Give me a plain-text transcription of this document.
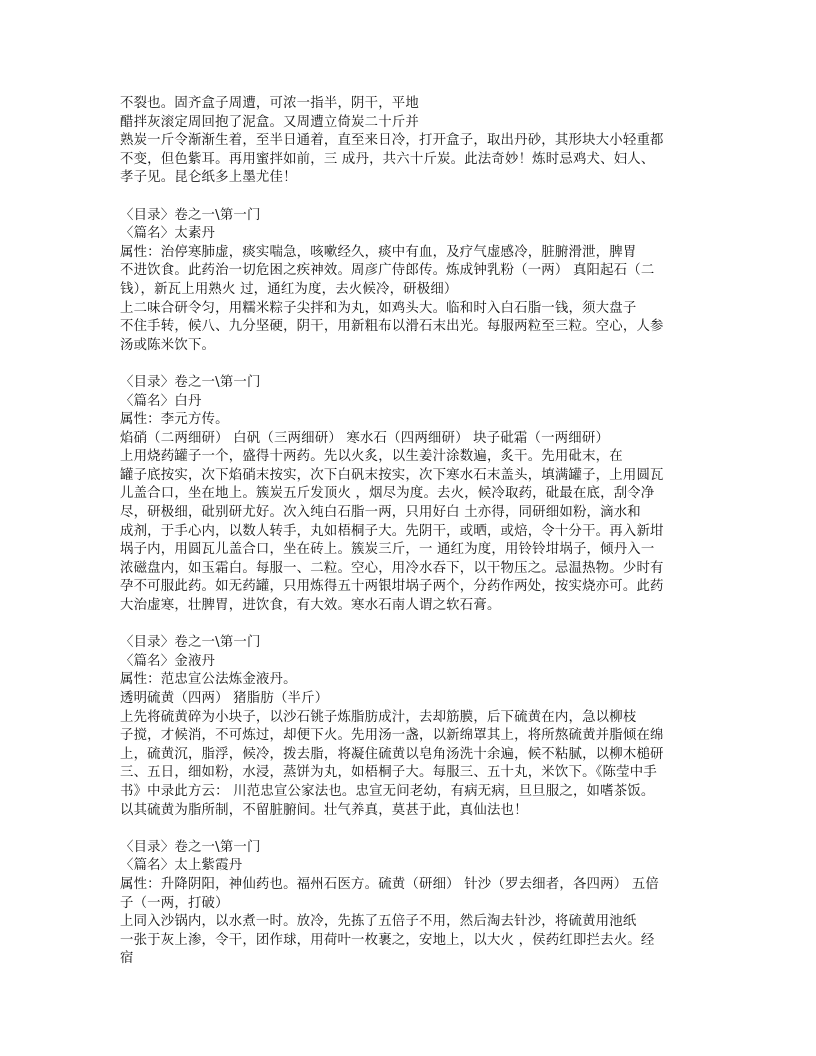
不裂也。固齐盒子周遭，可浓一指半，阴干，平地
醋拌灰滚定周回抱了泥盒。又周遭立倚炭二十斤并
熟炭一斤令渐渐生着，至半日通着，直至来日冷，打开盒子，取出丹砂，其形块大小轻重都
不变，但色紫耳。再用蜜拌如前，三 成丹，共六十斤炭。此法奇妙！炼时忌鸡犬、妇人、
孝子见。昆仑纸多上墨尤佳！
〈目录〉卷之一\第一门
〈篇名〉太素丹
属性：治停寒肺虚，痰实喘急，咳嗽经久，痰中有血，及疗气虚感冷，脏腑滑泄，脾胃
不进饮食。此药治一切危困之疾神效。周彦广侍郎传。炼成钟乳粉（一两） 真阳起石（二
钱），新瓦上用熟火 过，通红为度，去火候冷，研极细）
上二味合研令匀，用糯米粽子尖拌和为丸，如鸡头大。临和时入白石脂一钱，须大盘子
不住手转，候八、九分坚硬，阴干，用新粗布以滑石末出光。每服两粒至三粒。空心，人参
汤或陈米饮下。
〈目录〉卷之一\第一门
〈篇名〉白丹
属性：李元方传。
焰硝（二两细研） 白矾（三两细研） 寒水石（四两细研） 块子砒霜（一两细研）
上用烧药罐子一个，盛得十两药。先以火炙，以生姜汁涂数遍，炙干。先用砒末，在
罐子底按实，次下焰硝末按实，次下白矾末按实，次下寒水石末盖头，填满罐子，上用圆瓦
儿盖合口，坐在地上。簇炭五斤发顶火 ，烟尽为度。去火，候冷取药，砒最在底，刮令净
尽，研极细，砒别研尤好。次入纯白石脂一两，只用好白 土亦得，同研细如粉，滴水和
成剂，于手心内，以数人转手，丸如梧桐子大。先阴干，或晒，或焙，令十分干。再入新坩
埚子内，用圆瓦儿盖合口，坐在砖上。簇炭三斤，一 通红为度，用铃铃坩埚子，倾丹入一
浓磁盘内，如玉霜白。每服一、二粒。空心，用冷水吞下，以干物压之。忌温热物。少时有
孕不可服此药。如无药罐，只用炼得五十两银坩埚子两个，分药作两处，按实烧亦可。此药
大治虚寒，壮脾胃，进饮食，有大效。寒水石南人谓之软石膏。
〈目录〉卷之一\第一门
〈篇名〉金液丹
属性：范忠宣公法炼金液丹。
透明硫黄（四两） 猪脂肪（半斤）
上先将硫黄碎为小块子，以沙石铫子炼脂肪成汁，去却筋膜，后下硫黄在内，急以柳枝
子搅，才候消，不可炼过，却便下火。先用汤一盏，以新绵罩其上，将所熬硫黄并脂倾在绵
上，硫黄沉，脂浮，候冷，拨去脂，将凝住硫黄以皂角汤洗十余遍，候不粘腻，以柳木槌研
三、五日，细如粉，水浸，蒸饼为丸，如梧桐子大。每服三、五十丸，米饮下。《陈莹中手
书》中录此方云： 川范忠宣公家法也。忠宣无问老幼，有病无病，旦旦服之，如嗜茶饭。
以其硫黄为脂所制，不留脏腑间。壮气养真，莫甚于此，真仙法也！
〈目录〉卷之一\第一门
〈篇名〉太上紫霞丹
属性：升降阴阳，神仙药也。福州石医方。硫黄（研细） 针沙（罗去细者，各四两） 五倍
子（一两，打破）
上同入沙锅内，以水煮一时。放冷，先拣了五倍子不用，然后淘去针沙，将硫黄用池纸
一张于灰上渗，令干，团作球，用荷叶一枚裹之，安地上，以大火 ，侯药红即拦去火。经
宿
